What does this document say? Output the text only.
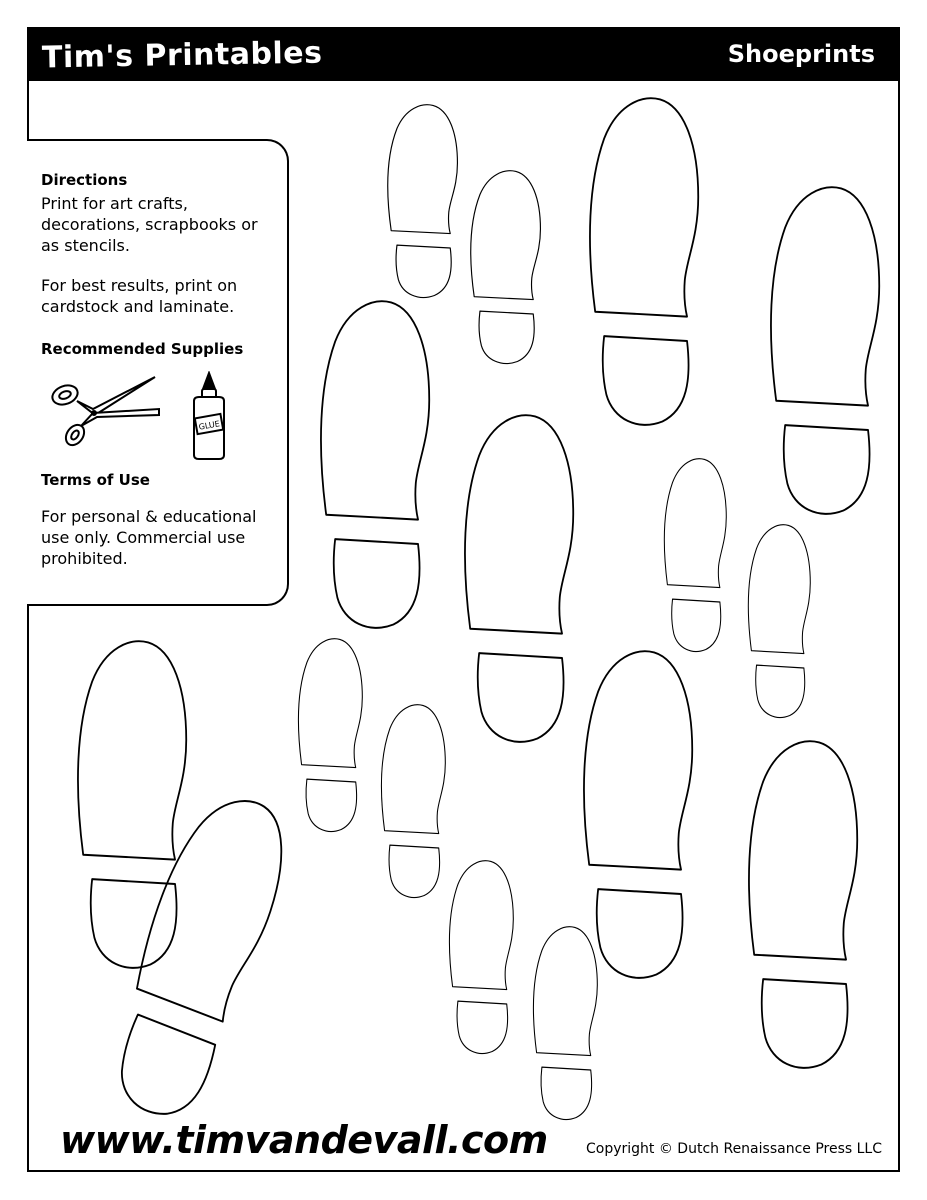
Tim's Printables	Shoeprints
Directions
Print for art crafts, decorations, scrapbooks or as stencils.
For best results, print on cardstock and laminate.
Recommended Supplies
GLUE
Terms of Use
For personal & educational use only. Commercial use prohibited.
www.timvandevall.com	Copyright © Dutch Renaissance Press LLC
